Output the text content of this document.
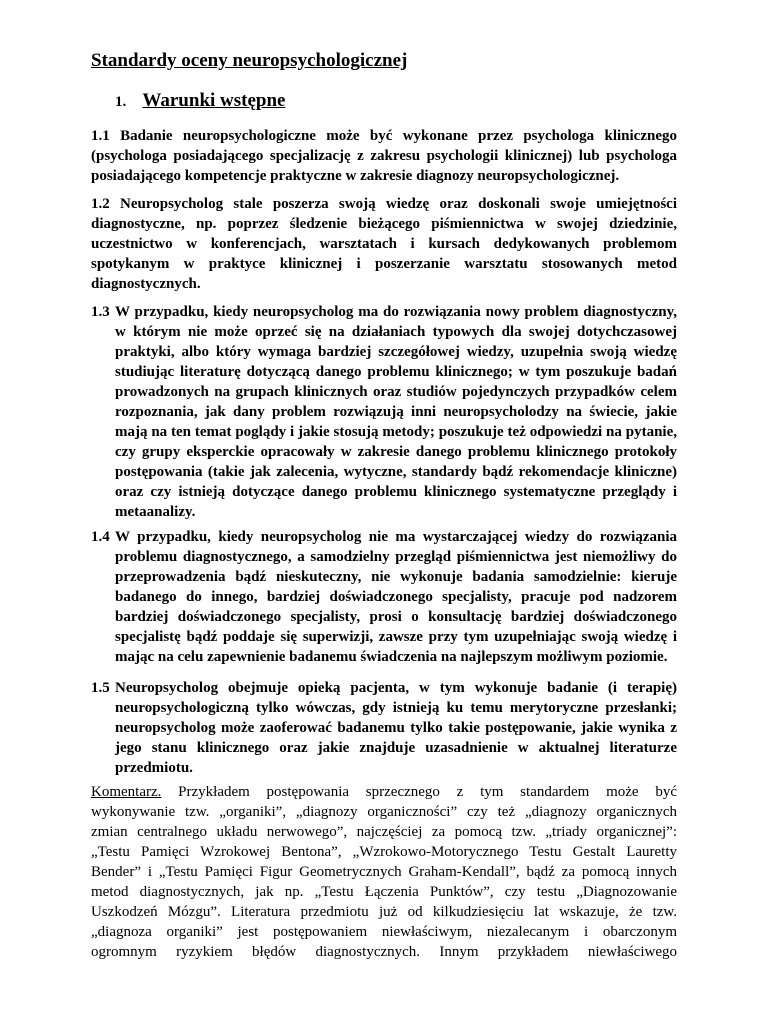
Standardy oceny neuropsychologicznej
1. Warunki wstępne
1.1 Badanie neuropsychologiczne może być wykonane przez psychologa klinicznego
(psychologa posiadającego specjalizację z zakresu psychologii klinicznej) lub psychologa
posiadającego kompetencje praktyczne w zakresie diagnozy neuropsychologicznej.
1.2 Neuropsycholog stale poszerza swoją wiedzę oraz doskonali swoje umiejętności
diagnostyczne, np. poprzez śledzenie bieżącego piśmiennictwa w swojej dziedzinie,
uczestnictwo w konferencjach, warsztatach i kursach dedykowanych problemom
spotykanym w praktyce klinicznej i poszerzanie warsztatu stosowanych metod
diagnostycznych.
1.3 W przypadku, kiedy neuropsycholog ma do rozwiązania nowy problem diagnostyczny,
w którym nie może oprzeć się na działaniach typowych dla swojej dotychczasowej
praktyki, albo który wymaga bardziej szczegółowej wiedzy, uzupełnia swoją wiedzę
studiując literaturę dotyczącą danego problemu klinicznego; w tym poszukuje badań
prowadzonych na grupach klinicznych oraz studiów pojedynczych przypadków celem
rozpoznania, jak dany problem rozwiązują inni neuropsycholodzy na świecie, jakie
mają na ten temat poglądy i jakie stosują metody; poszukuje też odpowiedzi na pytanie,
czy grupy eksperckie opracowały w zakresie danego problemu klinicznego protokoły
postępowania (takie jak zalecenia, wytyczne, standardy bądź rekomendacje kliniczne)
oraz czy istnieją dotyczące danego problemu klinicznego systematyczne przeglądy i
metaanalizy.
1.4 W przypadku, kiedy neuropsycholog nie ma wystarczającej wiedzy do rozwiązania
problemu diagnostycznego, a samodzielny przegląd piśmiennictwa jest niemożliwy do
przeprowadzenia bądź nieskuteczny, nie wykonuje badania samodzielnie: kieruje
badanego do innego, bardziej doświadczonego specjalisty, pracuje pod nadzorem
bardziej doświadczonego specjalisty, prosi o konsultację bardziej doświadczonego
specjalistę bądź poddaje się superwizji, zawsze przy tym uzupełniając swoją wiedzę i
mając na celu zapewnienie badanemu świadczenia na najlepszym możliwym poziomie.
1.5 Neuropsycholog obejmuje opieką pacjenta, w tym wykonuje badanie (i terapię)
neuropsychologiczną tylko wówczas, gdy istnieją ku temu merytoryczne przesłanki;
neuropsycholog może zaoferować badanemu tylko takie postępowanie, jakie wynika z
jego stanu klinicznego oraz jakie znajduje uzasadnienie w aktualnej literaturze
przedmiotu.
Komentarz. Przykładem postępowania sprzecznego z tym standardem może być
wykonywanie tzw. „organiki”, „diagnozy organiczności” czy też „diagnozy organicznych
zmian centralnego układu nerwowego”, najczęściej za pomocą tzw. „triady organicznej”:
„Testu Pamięci Wzrokowej Bentona”, „Wzrokowo-Motorycznego Testu Gestalt Lauretty
Bender” i „Testu Pamięci Figur Geometrycznych Graham-Kendall”, bądź za pomocą innych
metod diagnostycznych, jak np. „Testu Łączenia Punktów”, czy testu „Diagnozowanie
Uszkodzeń Mózgu”. Literatura przedmiotu już od kilkudziesięciu lat wskazuje, że tzw.
„diagnoza organiki” jest postępowaniem niewłaściwym, niezalecanym i obarczonym
ogromnym ryzykiem błędów diagnostycznych. Innym przykładem niewłaściwego
